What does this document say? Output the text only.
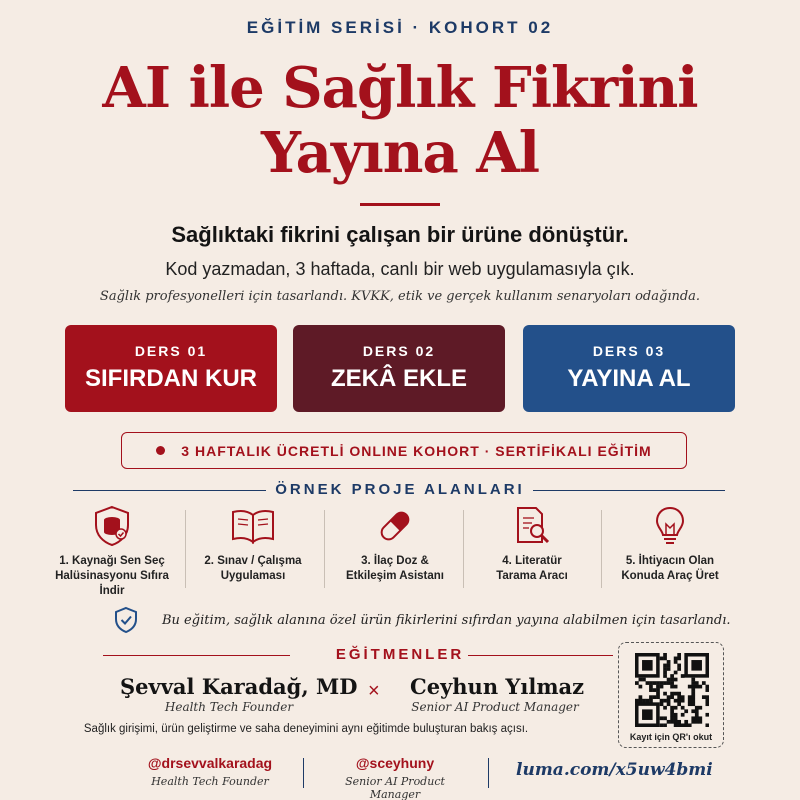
EĞİTİM SERİSİ · KOHORT 02
AI ile Sağlık Fikrini
Yayına Al
Sağlıktaki fikrini çalışan bir ürüne dönüştür.
Kod yazmadan, 3 haftada, canlı bir web uygulamasıyla çık.
Sağlık profesyonelleri için tasarlandı. KVKK, etik ve gerçek kullanım senaryoları odağında.
DERS 01
SIFIRDAN KUR
DERS 02
ZEKÂ EKLE
DERS 03
YAYINA AL
3 HAFTALIK ÜCRETLİ ONLINE KOHORT · SERTİFİKALI EĞİTİM
ÖRNEK PROJE ALANLARI
1. Kaynağı Sen Seç
Halüsinasyonu Sıfıra İndir
2. Sınav / Çalışma
Uygulaması
3. İlaç Doz &
Etkileşim Asistanı
4. Literatür
Tarama Aracı
5. İhtiyacın Olan
Konuda Araç Üret
Bu eğitim, sağlık alanına özel ürün fikirlerini sıfırdan yayına alabilmen için tasarlandı.
EĞİTMENLER
Şevval Karadağ, MD
Health Tech Founder
× Ceyhun Yılmaz
Senior AI Product Manager
Sağlık girişimi, ürün geliştirme ve saha deneyimini aynı eğitimde buluşturan bakış açısı.
Kayıt için QR'ı okut
@drsevvalkaradag
Health Tech Founder
@sceyhuny
Senior AI Product Manager
luma.com/x5uw4bmi
